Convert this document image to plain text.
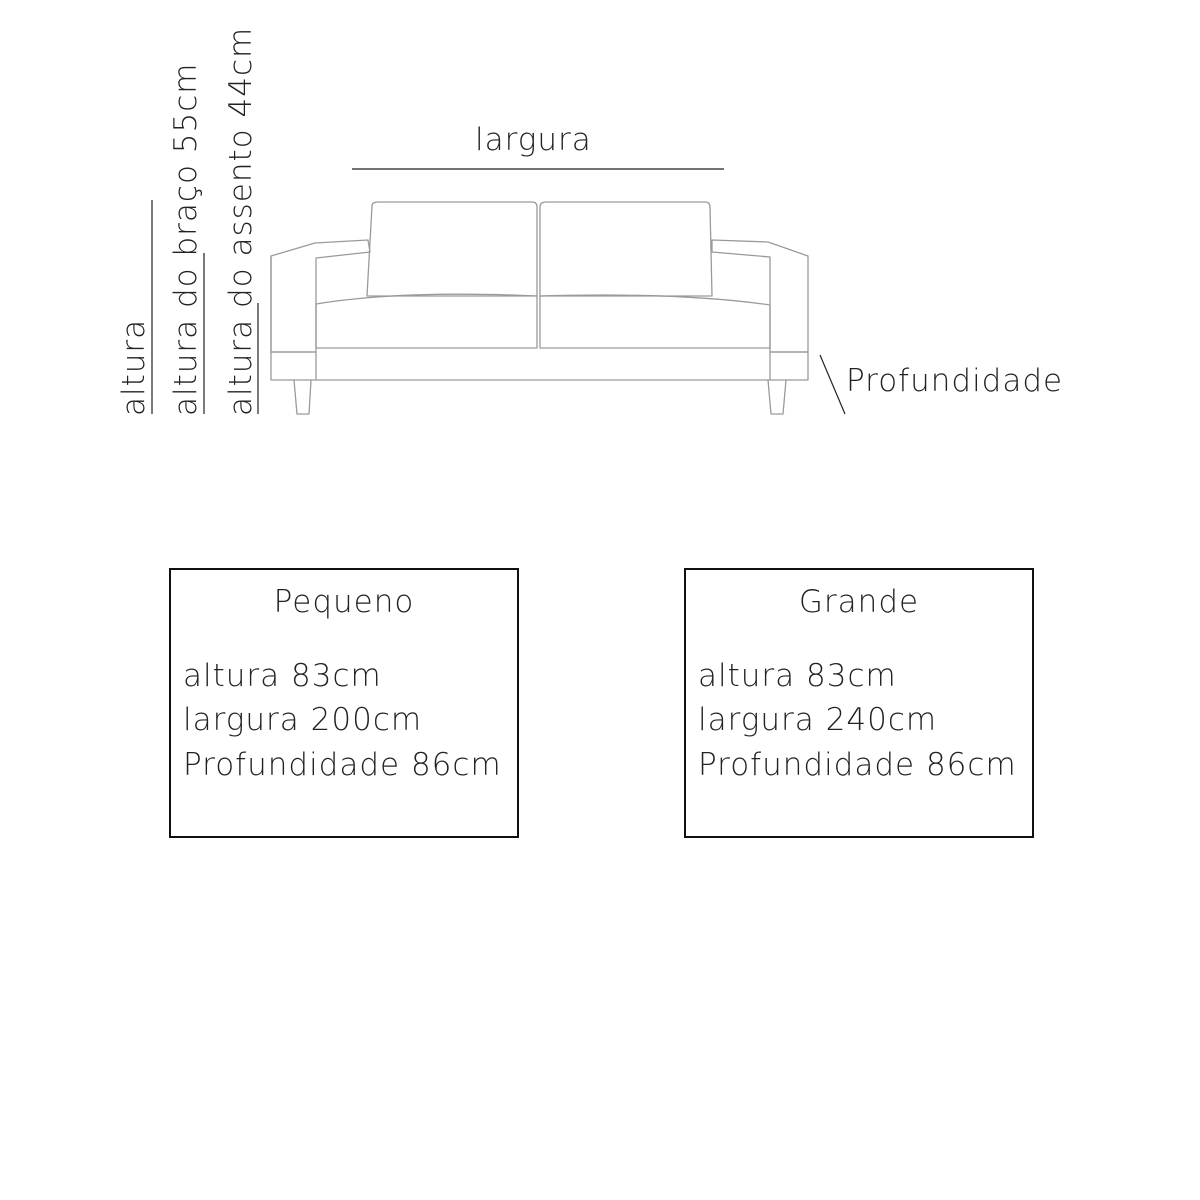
largura
Profundidade
altura altura do braço 55cm altura do assento 44cm
Pequeno
altura 83cm
largura 200cm
Profundidade 86cm
Grande
altura 83cm
largura 240cm
Profundidade 86cm
